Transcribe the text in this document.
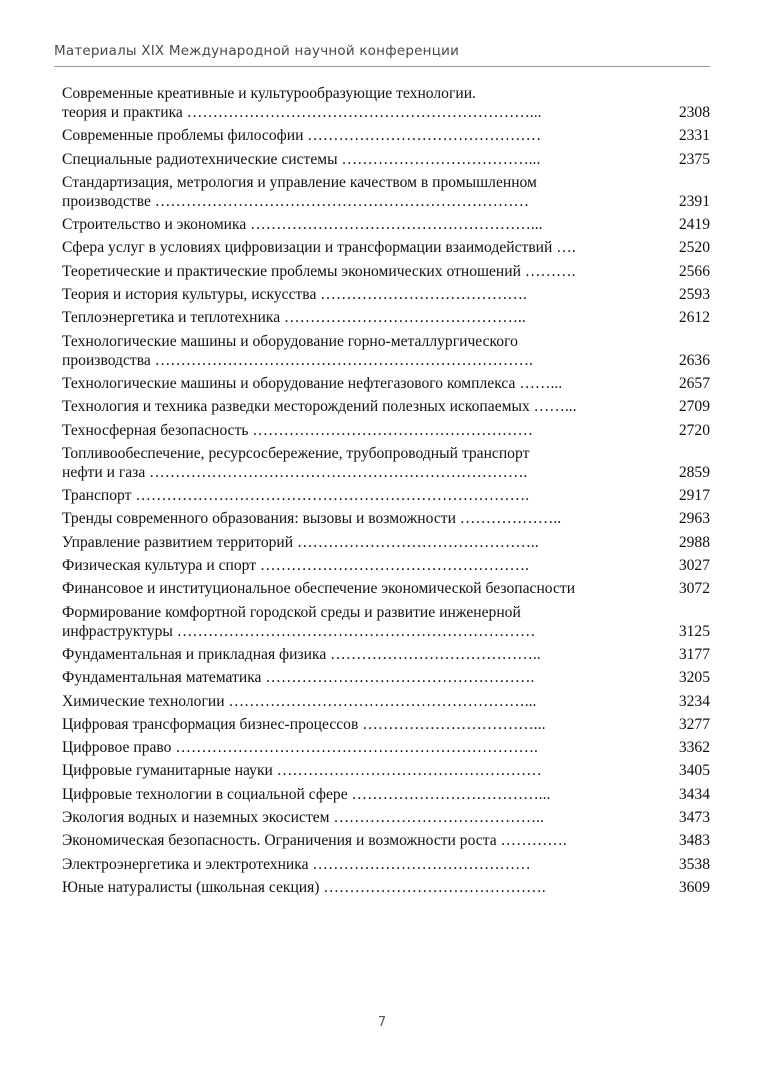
Материалы XIX Международной научной конференции
Современные креативные и культурообразующие технологии.
теория и практика …………………………………………………………...	2308
Современные проблемы философии ………………………………………	2331
Специальные радиотехнические системы ………………………………...	2375
Стандартизация, метрология и управление качеством в промышленном
производстве ………………………………………………………………	2391
Строительство и экономика ………………………………………………...	2419
Сфера услуг в условиях цифровизации и трансформации взаимодействий ….	2520
Теоретические и практические проблемы экономических отношений ……….	2566
Теория и история культуры, искусства ………………………………….	2593
Теплоэнергетика и теплотехника ………………………………………..	2612
Технологические машины и оборудование горно-металлургического
производства ……………………………………………………………….	2636
Технологические машины и оборудование нефтегазового комплекса ……...	2657
Технология и техника разведки месторождений полезных ископаемых ……...	2709
Техносферная безопасность ………………………………………………	2720
Топливообеспечение, ресурсосбережение, трубопроводный транспорт
нефти и газа ……………………………………………………………….	2859
Транспорт ………………………………………………………………….	2917
Тренды современного образования: вызовы и возможности ………………..	2963
Управление развитием территорий ………………………………………..	2988
Физическая культура и спорт …………………………………………….	3027
Финансовое и институциональное обеспечение экономической безопасности	3072
Формирование комфортной городской среды и развитие инженерной
инфраструктуры ……………………………………………………………	3125
Фундаментальная и прикладная физика …………………………………..	3177
Фундаментальная математика …………………………………………….	3205
Химические технологии …………………………………………………...	3234
Цифровая трансформация бизнес-процессов ……………………………...	3277
Цифровое право …………………………………………………………….	3362
Цифровые гуманитарные науки ……………………………………………	3405
Цифровые технологии в социальной сфере ………………………………...	3434
Экология водных и наземных экосистем …………………………………..	3473
Экономическая безопасность. Ограничения и возможности роста ………….	3483
Электроэнергетика и электротехника ……………………………………	3538
Юные натуралисты (школьная секция) …………………………………….	3609
7
